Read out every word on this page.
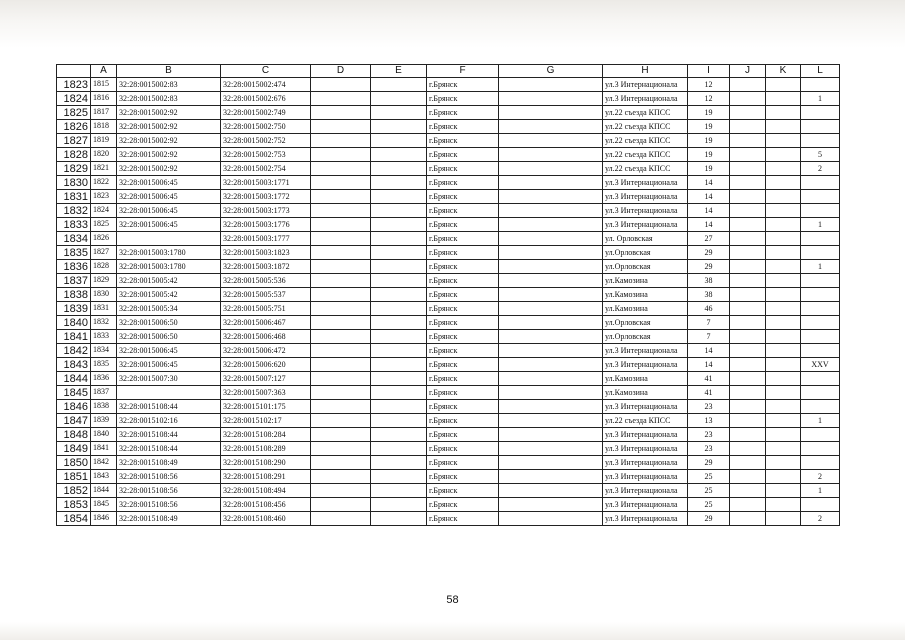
	A	B	C	D	E	F	G	H	I	J	K	L
1823	1815	32:28:0015002:83	32:28:0015002:474			г.Брянск		ул.3 Интернационала	12			
1824	1816	32:28:0015002:83	32:28:0015002:676			г.Брянск		ул.3 Интернационала	12			1
1825	1817	32:28:0015002:92	32:28:0015002:749			г.Брянск		ул.22 съезда КПСС	19			
1826	1818	32:28:0015002:92	32:28:0015002:750			г.Брянск		ул.22 съезда КПСС	19			
1827	1819	32:28:0015002:92	32:28:0015002:752			г.Брянск		ул.22 съезда КПСС	19			
1828	1820	32:28:0015002:92	32:28:0015002:753			г.Брянск		ул.22 съезда КПСС	19			5
1829	1821	32:28:0015002:92	32:28:0015002:754			г.Брянск		ул.22 съезда КПСС	19			2
1830	1822	32:28:0015006:45	32:28:0015003:1771			г.Брянск		ул.3 Интернационала	14			
1831	1823	32:28:0015006:45	32:28:0015003:1772			г.Брянск		ул.3 Интернационала	14			
1832	1824	32:28:0015006:45	32:28:0015003:1773			г.Брянск		ул.3 Интернационала	14			
1833	1825	32:28:0015006:45	32:28:0015003:1776			г.Брянск		ул.3 Интернационала	14			1
1834	1826		32:28:0015003:1777			г.Брянск		ул. Орловская	27			
1835	1827	32:28:0015003:1780	32:28:0015003:1823			г.Брянск		ул.Орловская	29			
1836	1828	32:28:0015003:1780	32:28:0015003:1872			г.Брянск		ул.Орловская	29			1
1837	1829	32:28:0015005:42	32:28:0015005:536			г.Брянск		ул.Камозина	38			
1838	1830	32:28:0015005:42	32:28:0015005:537			г.Брянск		ул.Камозина	38			
1839	1831	32:28:0015005:34	32:28:0015005:751			г.Брянск		ул.Камозина	46			
1840	1832	32:28:0015006:50	32:28:0015006:467			г.Брянск		ул.Орловская	7			
1841	1833	32:28:0015006:50	32:28:0015006:468			г.Брянск		ул.Орловская	7			
1842	1834	32:28:0015006:45	32:28:0015006:472			г.Брянск		ул.3 Интернационала	14			
1843	1835	32:28:0015006:45	32:28:0015006:620			г.Брянск		ул.3 Интернационала	14			XXV
1844	1836	32:28:0015007:30	32:28:0015007:127			г.Брянск		ул.Камозина	41			
1845	1837		32:28:0015007:363			г.Брянск		ул.Камозина	41			
1846	1838	32:28:0015108:44	32:28:0015101:175			г.Брянск		ул.3 Интернационала	23			
1847	1839	32:28:0015102:16	32:28:0015102:17			г.Брянск		ул.22 съезда КПСС	13			1
1848	1840	32:28:0015108:44	32:28:0015108:284			г.Брянск		ул.3 Интернационала	23			
1849	1841	32:28:0015108:44	32:28:0015108:289			г.Брянск		ул.3 Интернационала	23			
1850	1842	32:28:0015108:49	32:28:0015108:290			г.Брянск		ул.3 Интернационала	29			
1851	1843	32:28:0015108:56	32:28:0015108:291			г.Брянск		ул.3 Интернационала	25			2
1852	1844	32:28:0015108:56	32:28:0015108:494			г.Брянск		ул.3 Интернационала	25			1
1853	1845	32:28:0015108:56	32:28:0015108:456			г.Брянск		ул.3 Интернационала	25			
1854	1846	32:28:0015108:49	32:28:0015108:460			г.Брянск		ул.3 Интернационала	29			2
58
